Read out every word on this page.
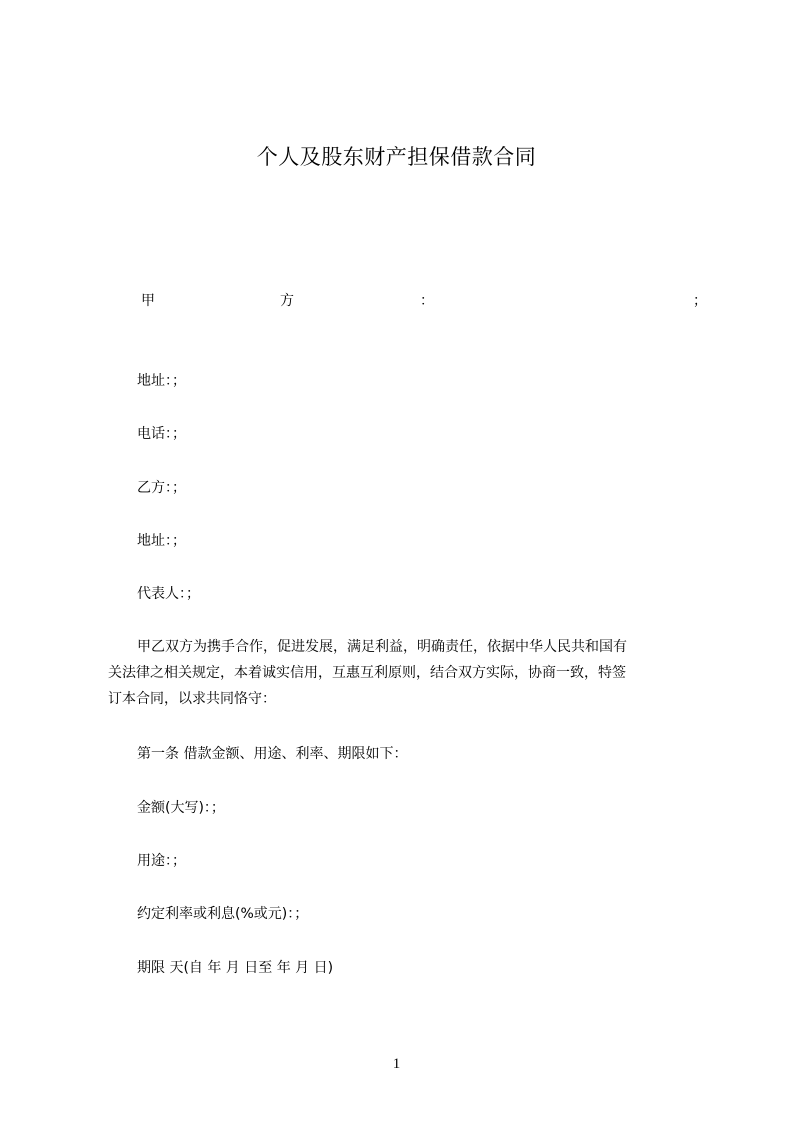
个人及股东财产担保借款合同
甲	方	：	；
地址：；
电话：；
乙方：；
地址：；
代表人：；
甲乙双方为携手合作，促进发展，满足利益，明确责任，依据中华人民共和国有
关法律之相关规定，本着诚实信用，互惠互利原则，结合双方实际，协商一致，特签
订本合同，以求共同恪守：
第一条 借款金额、用途、利率、期限如下：
金额(大写)：；
用途：；
约定利率或利息(%或元)：；
期限 天(自 年 月 日至 年 月 日)
1
